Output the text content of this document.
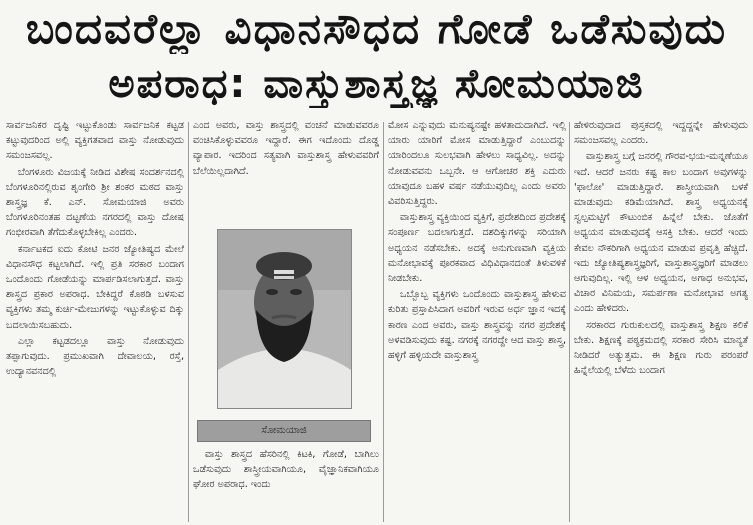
ಬಂದವರೆಲ್ಲಾ ವಿಧಾನಸೌಧದ ಗೋಡೆ ಒಡೆಸುವುದು
ಅಪರಾಧ: ವಾಸ್ತುಶಾಸ್ತ್ರಜ್ಞ ಸೋಮಯಾಜಿ

ಸಾರ್ವಜನಿಕರ ದೃಷ್ಟಿ ಇಟ್ಟುಕೊಂಡು ಸಾರ್ವಜನಿಕ ಕಟ್ಟಡ ಕಟ್ಟುವುದರಿಂದ ಅಲ್ಲಿ ವ್ಯಕ್ತಿಗತವಾದ ವಾಸ್ತು ನೋಡುವುದು ಸಮಂಜಸವಲ್ಲ.

ಬೆಂಗಳೂರು ವಿಜಯಕ್ಕೆ ನೀಡಿದ ವಿಶೇಷ ಸಂದರ್ಶನದಲ್ಲಿ ಬೆಂಗಳೂರಿನಲ್ಲಿರುವ ಶೃಂಗೇರಿ ಶ್ರೀ ಶಂಕರ ಮಠದ ವಾಸ್ತು ಶಾಸ್ತ್ರಜ್ಞ ಕೆ. ಎನ್. ಸೋಮಯಾಜಿ ಅವರು ಬೆಂಗಳೂರಿನಂತಹ ದಟ್ಟಣೆಯ ನಗರದಲ್ಲಿ ವಾಸ್ತು ದೋಷ ಗಂಭೀರವಾಗಿ ತೆಗೆದುಕೊಳ್ಳಬೇಕಿಲ್ಲ ಎಂದರು.

ಕರ್ನಾಟಕದ ಐದು ಕೋಟಿ ಜನರ ಜ್ಯೋತಿಷ್ಯದ ಮೇಲೆ ವಿಧಾನಸೌಧ ಕಟ್ಟಲಾಗಿದೆ. ಇಲ್ಲಿ ಪ್ರತಿ ಸರಕಾರ ಬಂದಾಗ ಒಂದೊಂದು ಗೋಡೆಯನ್ನು ಮಾರ್ಪಡಿಸಲಾಗುತ್ತದೆ. ವಾಸ್ತು ಶಾಸ್ತ್ರದ ಪ್ರಕಾರ ಅಪರಾಧ. ಬೇಕಿದ್ದರೆ ಕೊಠಡಿ ಬಳಸುವ ವ್ಯಕ್ತಿಗಳು ತಮ್ಮ ಕುರ್ಚಿ-ಮೇಜುಗಳನ್ನು ಇಟ್ಟುಕೊಳ್ಳುವ ದಿಕ್ಕು ಬದಲಾಯಿಸಬಹುದು.

ಎಲ್ಲಾ ಕಟ್ಟಡದಲ್ಲೂ ವಾಸ್ತು ನೋಡುವುದು ತಪ್ಪಾಗುವುದು. ಪ್ರಮುಖವಾಗಿ ದೇವಾಲಯ, ರಸ್ತೆ, ಉದ್ಯಾನವನದಲ್ಲಿ

ಎಂದ ಅವರು, ವಾಸ್ತು ಶಾಸ್ತ್ರದಲ್ಲಿ ವಂಚನೆ ಮಾಡುವವರೂ ವಂಚಿಸಿಕೊಳ್ಳುವವರೂ ಇದ್ದಾರೆ. ಈಗ ಇದೊಂದು ದೊಡ್ಡ ವ್ಯಾಪಾರ. ಇದರಿಂದ ಸತ್ಯವಾಗಿ ವಾಸ್ತುಶಾಸ್ತ್ರ ಹೇಳುವವರಿಗೆ ಬೆಲೆಯಿಲ್ಲದಾಗಿದೆ.

ಸೋಮಯಾಜಿ

ವಾಸ್ತು ಶಾಸ್ತ್ರದ ಹೆಸರಿನಲ್ಲಿ ಕಿಟಕಿ, ಗೋಡೆ, ಬಾಗಿಲು ಒಡೆಸುವುದು ಶಾಸ್ತ್ರೀಯವಾಗಿಯೂ, ವೈಜ್ಞಾನಿಕವಾಗಿಯೂ ಘೋರ ಅಪರಾಧ. ಇಂದು

ಮೋಸ ಎನ್ನುವುದು ಮನುಷ್ಯನಷ್ಟೇ ಹಳತಾದುದಾಗಿದೆ. ಇಲ್ಲಿ ಯಾರು ಯಾರಿಗೆ ಮೋಸ ಮಾಡುತ್ತಿದ್ದಾರೆ ಎಂಬುದನ್ನು ಯಾರಿಂದಲೂ ಸುಲಭವಾಗಿ ಹೇಳಲು ಸಾಧ್ಯವಿಲ್ಲ. ಅದನ್ನು ನೋಡುವವನು ಒಬ್ಬನೇ. ಆ ಆಗೋಚರ ಶಕ್ತಿ ಎದುರು ಯಾವುದೂ ಬಹಳ ವರ್ಷ ನಡೆಯುವುದಿಲ್ಲ ಎಂದು ಅವರು ವಿವರಿಸುತ್ತಿದ್ದರು.

ವಾಸ್ತುಶಾಸ್ತ್ರ ವ್ಯಕ್ತಿಯಿಂದ ವ್ಯಕ್ತಿಗೆ, ಪ್ರದೇಶದಿಂದ ಪ್ರದೇಶಕ್ಕೆ ಸಂಪೂರ್ಣ ಬದಲಾಗುತ್ತದೆ. ದಶದಿಕ್ಕುಗಳನ್ನು ಸರಿಯಾಗಿ ಅಧ್ಯಯನ ನಡೆಸಬೇಕು. ಅದಕ್ಕೆ ಅನುಗುಣವಾಗಿ ವ್ಯಕ್ತಿಯ ಮನೋಭಾವಕ್ಕೆ ಪೂರಕವಾದ ವಿಧಿವಿಧಾನದಂತೆ ತಿಳುವಳಿಕೆ ನೀಡಬೇಕು.

ಒಬ್ಬೊಬ್ಬ ವ್ಯಕ್ತಿಗಳು ಒಂದೊಂದು ವಾಸ್ತುಶಾಸ್ತ್ರ ಹೇಳುವ ಕುರಿತು ಪ್ರಸ್ತಾಪಿಸಿದಾಗ ಅವರಿಗೆ ಇರುವ ಅರ್ಧ ಜ್ಞಾನ ಇದಕ್ಕೆ ಕಾರಣ ಎಂದ ಅವರು, ವಾಸ್ತು ಶಾಸ್ತ್ರವನ್ನು ನಗರ ಪ್ರದೇಶಕ್ಕೆ ಅಳವಡಿಸುವುದು ಕಷ್ಟ. ನಗರಕ್ಕೆ ನಗರದ್ದೇ ಆದ ವಾಸ್ತು ಶಾಸ್ತ್ರ, ಹಳ್ಳಿಗೆ ಹಳ್ಳಿಯದೇ ವಾಸ್ತುಶಾಸ್ತ್ರ

ಹೇಳಿರುವುದಾದ ಪುಸ್ತಕದಲ್ಲಿ ಇದ್ದದ್ದನ್ನೇ ಹೇಳುವುದು ಸಮಂಜಸವಲ್ಲ ಎಂದರು.

ವಾಸ್ತುಶಾಸ್ತ್ರ ಬಗ್ಗೆ ಜನರಲ್ಲಿ ಗೌರವ-ಭಯ-ಮನ್ನಣೆಯೂ ಇದೆ. ಆದರೆ ಜನರು ಕಷ್ಟ ಕಾಲ ಬಂದಾಗ ಅವುಗಳನ್ನು 'ಫಾಲೋ' ಮಾಡುತ್ತಿದ್ದಾರೆ. ಶಾಸ್ತ್ರೀಯವಾಗಿ ಬಳಕೆ ಮಾಡುವುದು ಕಡಿಮೆಯಾಗಿದೆ. ಶಾಸ್ತ್ರ ಅಧ್ಯಯನಕ್ಕೆ ಸ್ವಲ್ಪಮಟ್ಟಿಗೆ ಕೌಟುಂಬಿಕ ಹಿನ್ನೆಲೆ ಬೇಕು. ಜೊತೆಗೆ ಅಧ್ಯಯನ ಮಾಡುವುದಕ್ಕೆ ಆಸಕ್ತಿ ಬೇಕು. ಆದರೆ ಇಂದು ಕೇವಲ ನೌಕರಿಗಾಗಿ ಅಧ್ಯಯನ ಮಾಡುವ ಪ್ರವೃತ್ತಿ ಹೆಚ್ಚಿದೆ. ಇದು ಜ್ಯೋತಿಷ್ಯಶಾಸ್ತ್ರಜ್ಞರಿಗೆ, ವಾಸ್ತುಶಾಸ್ತ್ರಜ್ಞರಿಗೆ ಮಾಡಲು ಆಗುವುದಿಲ್ಲ. ಇಲ್ಲಿ ಆಳ ಅಧ್ಯಯನ, ಅಗಾಧ ಅನುಭವ, ವಿಚಾರ ವಿನಿಮಯ, ಸಮರ್ಪಣಾ ಮನೋಭಾವ ಅಗತ್ಯ ಎಂದು ಹೇಳಿದರು.

ಸರಕಾರದ ಗುರುಕುಲದಲ್ಲಿ ವಾಸ್ತುಶಾಸ್ತ್ರ ಶಿಕ್ಷಣ ಕಲಿಕೆ ಬೇಕು. ಶಿಕ್ಷಣಕ್ಕೆ ಪಠ್ಯಕ್ರಮದಲ್ಲಿ ಸರಕಾರ ಸೇರಿಸಿ ಮಾನ್ಯತೆ ನೀಡಿದರೆ ಅತ್ಯುತ್ತಮ. ಈ ಶಿಕ್ಷಣ ಗುರು ಪರಂಪರೆ ಹಿನ್ನೆಲೆಯಲ್ಲಿ ಬೆಳೆದು ಬಂದಾಗ
